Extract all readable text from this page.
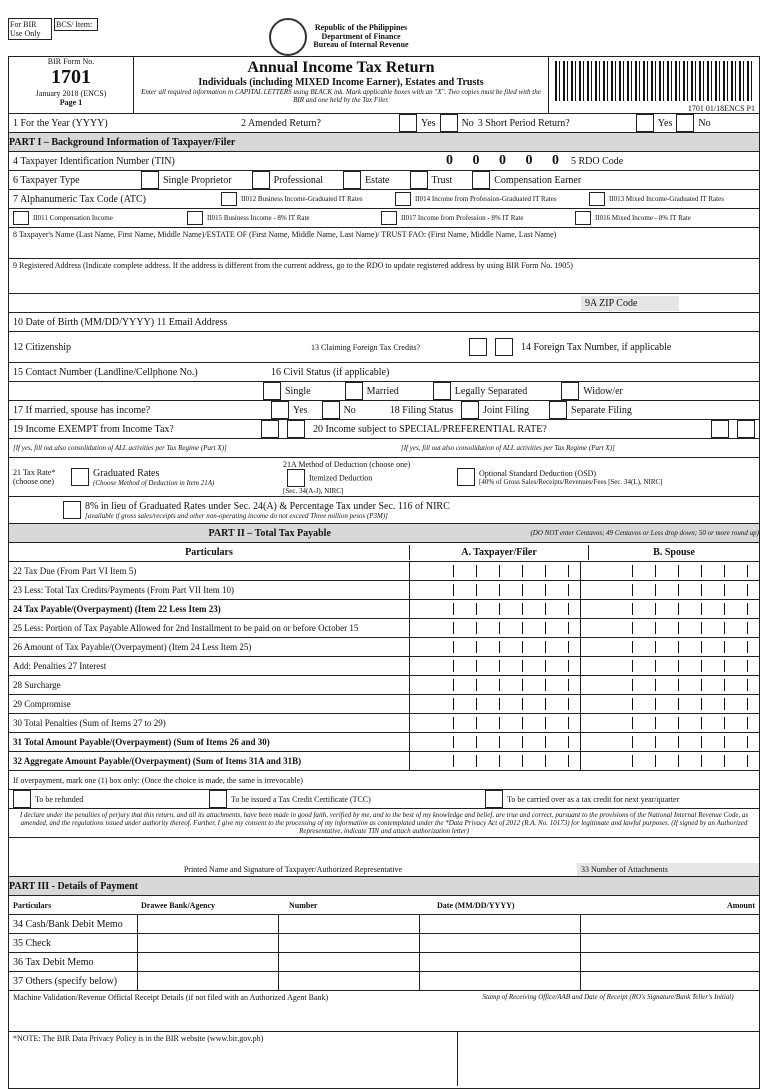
For BIR Use Only
BCS/ Item:	Republic of the Philippines
Department of Finance
Bureau of Internal Revenue
BIR Form No.
1701
January 2018 (ENCS)
Page 1
Annual Income Tax Return
Individuals (including MIXED Income Earner), Estates and Trusts
Enter all required information in CAPITAL LETTERS using BLACK ink. Mark applicable boxes with an "X". Two copies must be filed with the BIR and one held by the Tax Filer.
1701 01/18ENCS P1
1 For the Year (YYYY)	2 Amended Return?	Yes	No 3 Short Period Return?	Yes	No
PART I – Background Information of Taxpayer/Filer
4 Taxpayer Identification Number (TIN)	0 0 0 0 0 5 RDO Code
6 Taxpayer Type	Single Proprietor	Professional	Estate	Trust	Compensation Earner
7 Alphanumeric Tax Code (ATC)	II012 Business Income-Graduated IT Rates	II014 Income from Profession-Graduated IT Rates	II013 Mixed Income-Graduated IT Rates
II011 Compensation Income	II015 Business Income - 8% IT Rate	II017 Income from Profession - 8% IT Rate	II016 Mixed Income - 8% IT Rate
8 Taxpayer's Name (Last Name, First Name, Middle Name)/ESTATE OF (First Name, Middle Name, Last Name)/ TRUST FAO: (First Name, Middle Name, Last Name)
9 Registered Address (Indicate complete address. If the address is different from the current address, go to the RDO to update registered address by using BIR Form No. 1905)
9A ZIP Code
10 Date of Birth (MM/DD/YYYY) 11 Email Address
12 Citizenship	13 Claiming Foreign Tax Credits?	14 Foreign Tax Number, if applicable
15 Contact Number (Landline/Cellphone No.)	16 Civil Status (if applicable)
Single	Married	Legally Separated	Widow/er
17 If married, spouse has income?	Yes	No	18 Filing Status	Joint Filing	Separate Filing
19 Income EXEMPT from Income Tax?	20 Income subject to SPECIAL/PREFERENTIAL RATE?
[If yes, fill out also consolidation of ALL activities per Tax Regime (Part X)]	[If yes, fill out also consolidation of ALL activities per Tax Regime (Part X)]
21 Tax Rate* (choose one)
Graduated Rates
(Choose Method of Deduction in Item 21A)
21A Method of Deduction (choose one)
Itemized Deduction
[Sec. 34(A-J), NIRC]
Optional Standard Deduction (OSD)
[40% of Gross Sales/Receipts/Revenues/Fees [Sec. 34(L), NIRC]
8% in lieu of Graduated Rates under Sec. 24(A) & Percentage Tax under Sec. 116 of NIRC
[available if gross sales/receipts and other non-operating income do not exceed Three million pesos (P3M)]
PART II – Total Tax Payable	(DO NOT enter Centavos; 49 Centavos or Less drop down; 50 or more round up)
Particulars	A. Taxpayer/Filer	B. Spouse
22 Tax Due (From Part VI Item 5)
23 Less: Total Tax Credits/Payments (From Part VII Item 10)
24 Tax Payable/(Overpayment) (Item 22 Less Item 23)
25 Less: Portion of Tax Payable Allowed for 2nd Installment to be paid on or before October 15
26 Amount of Tax Payable/(Overpayment) (Item 24 Less Item 25)
Add: Penalties 27 Interest
28 Surcharge
29 Compromise
30 Total Penalties (Sum of Items 27 to 29)
31 Total Amount Payable/(Overpayment) (Sum of Items 26 and 30)
32 Aggregate Amount Payable/(Overpayment) (Sum of Items 31A and 31B)
If overpayment, mark one (1) box only: (Once the choice is made, the same is irrevocable)
To be refunded	To be issued a Tax Credit Certificate (TCC)	To be carried over as a tax credit for next year/quarter
I declare under the penalties of perjury that this return, and all its attachments, have been made in good faith, verified by me, and to the best of my knowledge and belief, are true and correct, pursuant to the provisions of the National Internal Revenue Code, as amended, and the regulations issued under authority thereof. Further, I give my consent to the processing of my information as contemplated under the *Data Privacy Act of 2012 (R.A. No. 10173) for legitimate and lawful purposes. (If signed by an Authorized Representative, indicate TIN and attach authorization letter)
Printed Name and Signature of Taxpayer/Authorized Representative	33 Number of Attachments
PART III - Details of Payment
Particulars	Drawee Bank/Agency	Number	Date (MM/DD/YYYY)	Amount
34 Cash/Bank Debit Memo
35 Check
36 Tax Debit Memo
37 Others (specify below)
Machine Validation/Revenue Official Receipt Details (if not filed with an Authorized Agent Bank)	Stamp of Receiving Office/AAB and Date of Receipt (RO's Signature/Bank Teller's Initial)
*NOTE: The BIR Data Privacy Policy is in the BIR website (www.bir.gov.ph)
